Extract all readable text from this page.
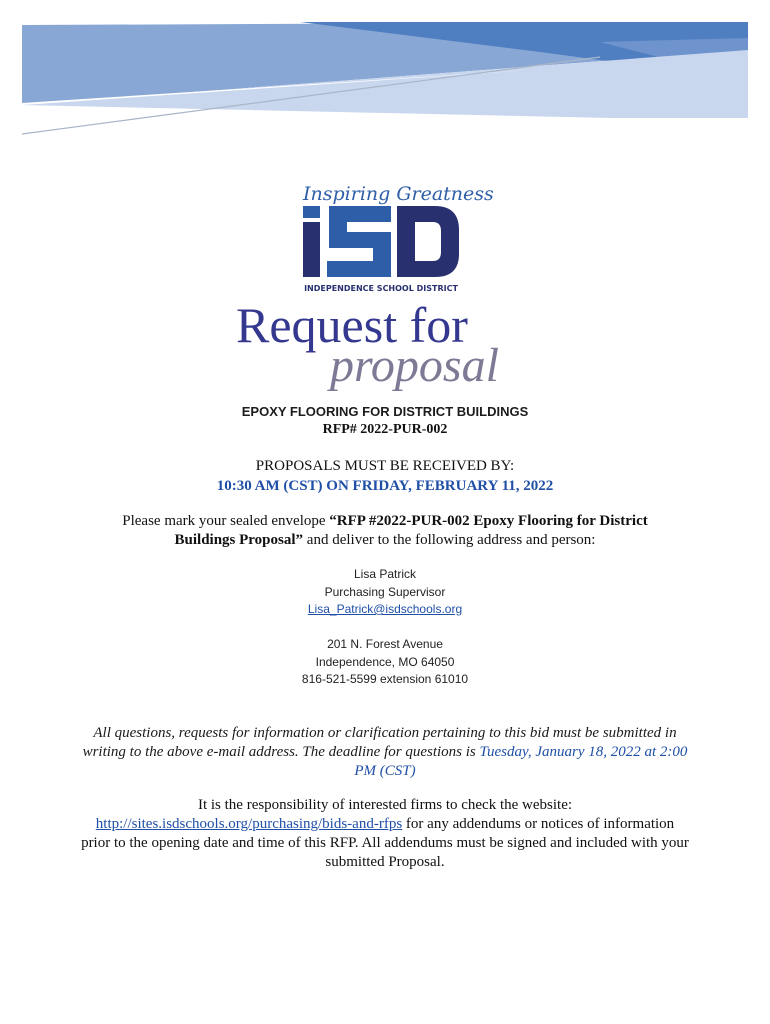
Inspiring Greatness
INDEPENDENCE SCHOOL DISTRICT
Request for
proposal
EPOXY FLOORING FOR DISTRICT BUILDINGS
RFP# 2022-PUR-002
PROPOSALS MUST BE RECEIVED BY:
10:30 AM (CST) ON FRIDAY, FEBRUARY 11, 2022
Please mark your sealed envelope “RFP #2022-PUR-002 Epoxy Flooring for District Buildings Proposal” and deliver to the following address and person:
Lisa Patrick
Purchasing Supervisor
Lisa_Patrick@isdschools.org
201 N. Forest Avenue
Independence, MO 64050
816-521-5599 extension 61010
All questions, requests for information or clarification pertaining to this bid must be submitted in writing to the above e-mail address. The deadline for questions is Tuesday, January 18, 2022 at 2:00 PM (CST)
It is the responsibility of interested firms to check the website:
http://sites.isdschools.org/purchasing/bids-and-rfps for any addendums or notices of information prior to the opening date and time of this RFP. All addendums must be signed and included with your submitted Proposal.
